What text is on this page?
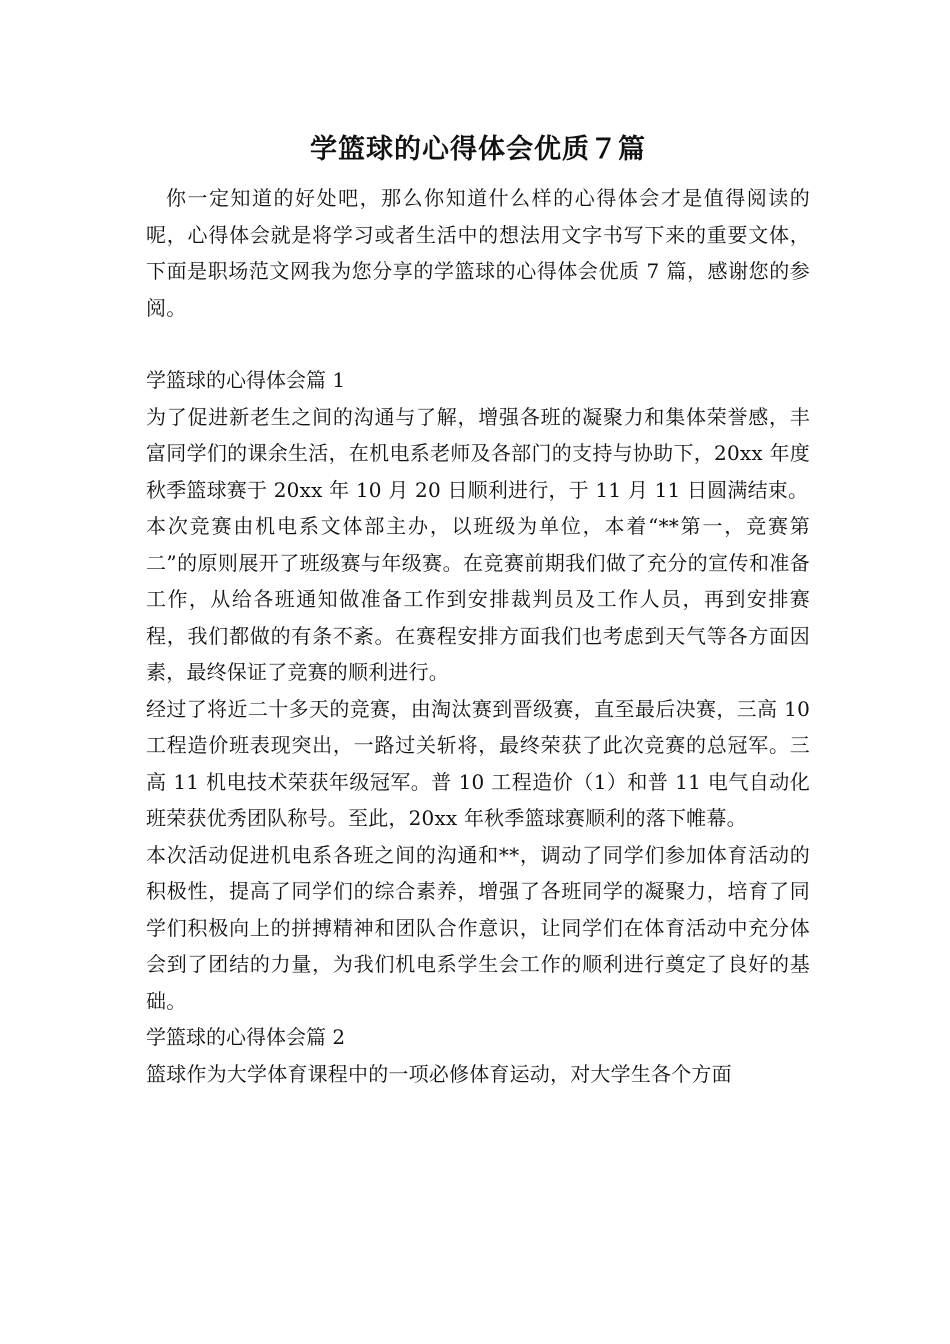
学篮球的心得体会优质７篇

你一定知道的好处吧，那么你知道什么样的心得体会才是值得阅读的呢，心得体会就是将学习或者生活中的想法用文字书写下来的重要文体，下面是职场范文网我为您分享的学篮球的心得体会优质 7 篇，感谢您的参阅。

学篮球的心得体会篇 1

为了促进新老生之间的沟通与了解，增强各班的凝聚力和集体荣誉感，丰富同学们的课余生活，在机电系老师及各部门的支持与协助下，20xx 年度秋季篮球赛于 20xx 年 10 月 20 日顺利进行，于 11 月 11 日圆满结束。

本次竞赛由机电系文体部主办，以班级为单位，本着“**第一，竞赛第二”的原则展开了班级赛与年级赛。在竞赛前期我们做了充分的宣传和准备工作，从给各班通知做准备工作到安排裁判员及工作人员，再到安排赛程，我们都做的有条不紊。在赛程安排方面我们也考虑到天气等各方面因素，最终保证了竞赛的顺利进行。

经过了将近二十多天的竞赛，由淘汰赛到晋级赛，直至最后决赛，三高 10 工程造价班表现突出，一路过关斩将，最终荣获了此次竞赛的总冠军。三高 11 机电技术荣获年级冠军。普 10 工程造价（1）和普 11 电气自动化班荣获优秀团队称号。至此，20xx 年秋季篮球赛顺利的落下帷幕。

本次活动促进机电系各班之间的沟通和**，调动了同学们参加体育活动的积极性，提高了同学们的综合素养，增强了各班同学的凝聚力，培育了同学们积极向上的拼搏精神和团队合作意识，让同学们在体育活动中充分体会到了团结的力量，为我们机电系学生会工作的顺利进行奠定了良好的基础。

学篮球的心得体会篇 2

篮球作为大学体育课程中的一项必修体育运动，对大学生各个方面
